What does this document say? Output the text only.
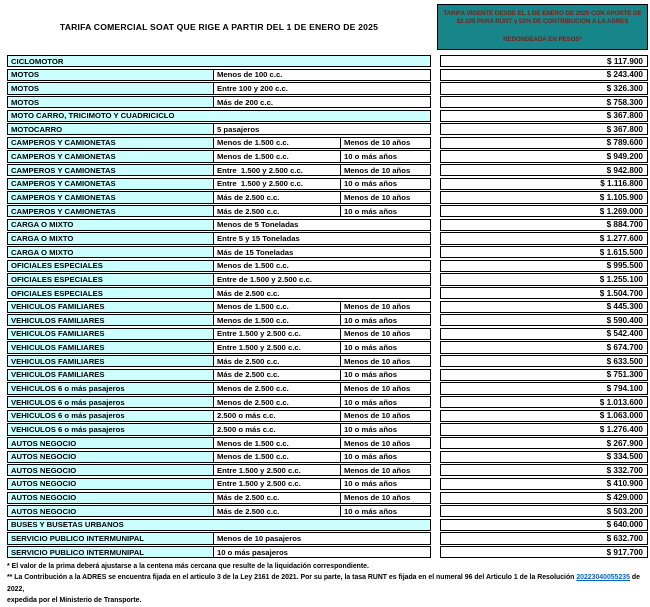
TARIFA COMERCIAL SOAT QUE RIGE A PARTIR DEL 1 DE ENERO DE 2025
TARIFA VIGENTE DESDE EL 1 DE ENERO DE 2025 CON APORTE DE $2.100 PARA RUNT y 52% DE CONTRIBUCIÓN A LA ADRES
REDONDEADA EN PESOS*
CICLOMOTOR	$ 117.900
MOTOS	Menos de 100 c.c.	$ 243.400
MOTOS	Entre 100 y 200 c.c.	$ 326.300
MOTOS	Más de 200 c.c.	$ 758.300
MOTO CARRO, TRICIMOTO Y CUADRICICLO	$ 367.800
MOTOCARRO	5 pasajeros	$ 367.800
CAMPEROS Y CAMIONETAS	Menos de 1.500 c.c.	Menos de 10 años	$ 789.600
CAMPEROS Y CAMIONETAS	Menos de 1.500 c.c.	10 o más años	$ 949.200
CAMPEROS Y CAMIONETAS	Entre  1.500 y 2.500 c.c.	Menos de 10 años	$ 942.800
CAMPEROS Y CAMIONETAS	Entre  1.500 y 2.500 c.c.	10 o más años	$ 1.116.800
CAMPEROS Y CAMIONETAS	Más de 2.500 c.c.	Menos de 10 años	$ 1.105.900
CAMPEROS Y CAMIONETAS	Más de 2.500 c.c.	10 o más años	$ 1.269.000
CARGA O MIXTO	Menos de 5 Toneladas	$ 884.700
CARGA O MIXTO	Entre 5 y 15 Toneladas	$ 1.277.600
CARGA O MIXTO	Más de 15 Toneladas	$ 1.615.500
OFICIALES ESPECIALES	Menos de 1.500 c.c.	$ 995.500
OFICIALES ESPECIALES	Entre de 1.500 y 2.500 c.c.	$ 1.255.100
OFICIALES ESPECIALES	Más de 2.500 c.c.	$ 1.504.700
VEHICULOS FAMILIARES	Menos de 1.500 c.c.	Menos de 10 años	$ 445.300
VEHICULOS FAMILIARES	Menos de 1.500 c.c.	10 o más años	$ 590.400
VEHICULOS FAMILIARES	Entre 1.500 y 2.500 c.c.	Menos de 10 años	$ 542.400
VEHICULOS FAMILIARES	Entre 1.500 y 2.500 c.c.	10 o más años	$ 674.700
VEHICULOS FAMILIARES	Más de 2.500 c.c.	Menos de 10 años	$ 633.500
VEHICULOS FAMILIARES	Más de 2.500 c.c.	10 o más años	$ 751.300
VEHICULOS 6 o más pasajeros	Menos de 2.500 c.c.	Menos de 10 años	$ 794.100
VEHICULOS 6 o más pasajeros	Menos de 2.500 c.c.	10 o más años	$ 1.013.600
VEHICULOS 6 o más pasajeros	2.500 o más c.c.	Menos de 10 años	$ 1.063.000
VEHICULOS 6 o más pasajeros	2.500 o más c.c.	10 o más años	$ 1.276.400
AUTOS NEGOCIO	Menos de 1.500 c.c.	Menos de 10 años	$ 267.900
AUTOS NEGOCIO	Menos de 1.500 c.c.	10 o más años	$ 334.500
AUTOS NEGOCIO	Entre 1.500 y 2.500 c.c.	Menos de 10 años	$ 332.700
AUTOS NEGOCIO	Entre 1.500 y 2.500 c.c.	10 o más años	$ 410.900
AUTOS NEGOCIO	Más de 2.500 c.c.	Menos de 10 años	$ 429.000
AUTOS NEGOCIO	Más de 2.500 c.c.	10 o más años	$ 503.200
BUSES Y BUSETAS URBANOS	$ 640.000
SERVICIO PUBLICO INTERMUNIPAL	Menos de 10 pasajeros	$ 632.700
SERVICIO PUBLICO INTERMUNIPAL	10 o más pasajeros	$ 917.700
* El valor de la prima deberá ajustarse a la centena más cercana que resulte de la liquidación correspondiente.
** La Contribución a la ADRES se encuentra fijada en el articulo 3 de la Ley 2161 de 2021. Por su parte, la tasa RUNT es fijada en el numeral 96 del Articulo 1 de la Resolución 20223040055235 de 2022,
expedida por el Ministerio de Transporte.
